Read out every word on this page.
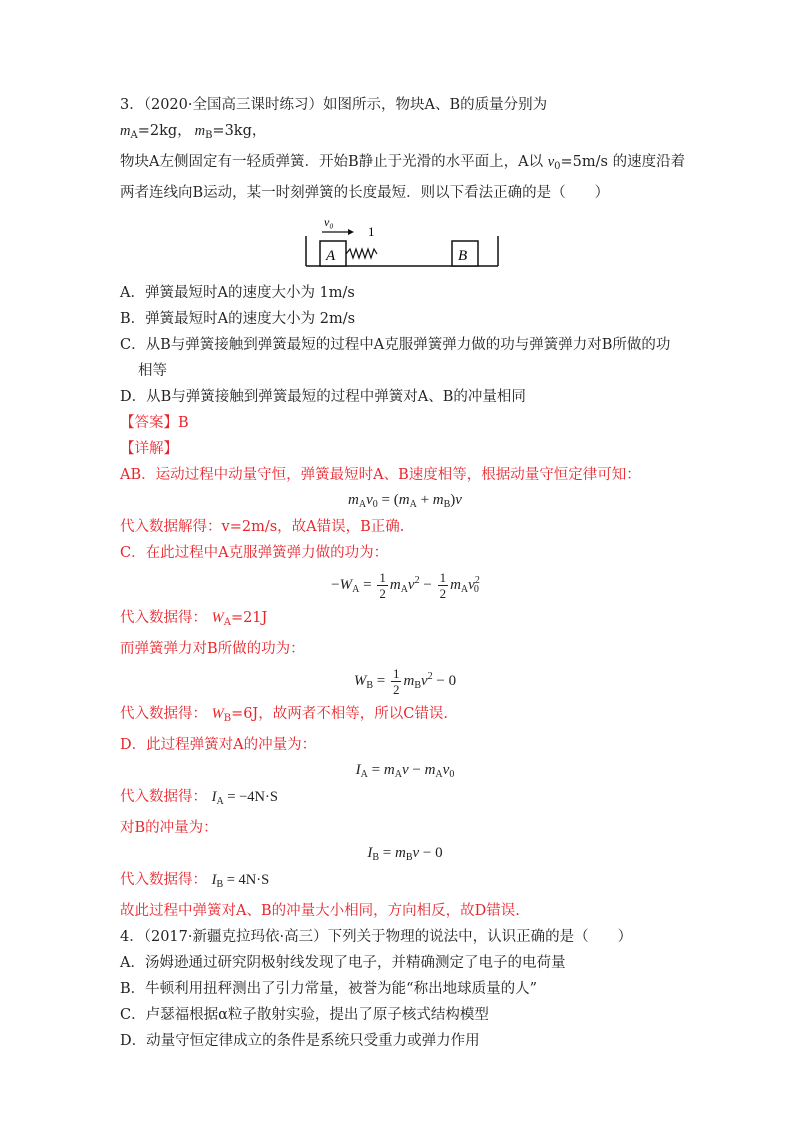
3．（2020·全国高三课时练习）如图所示，物块A、B的质量分别为$m_A=2kg$，  $m_B=3kg$，

物块A左侧固定有一轻质弹簧．开始B静止于光滑的水平面上，A以 $v_0=5m/s$ 的速度沿着

两者连线向B运动，某一时刻弹簧的长度最短．则以下看法正确的是（　　）

A	B
v₀
1

A．弹簧最短时A的速度大小为 1m/s

B．弹簧最短时A的速度大小为 2m/s

C．从B与弹簧接触到弹簧最短的过程中A克服弹簧弹力做的功与弹簧弹力对B所做的功

相等

D．从B与弹簧接触到弹簧最短的过程中弹簧对A、B的冲量相同

【答案】B

【详解】

AB．运动过程中动量守恒，弹簧最短时A、B速度相等，根据动量守恒定律可知：

$m_Av_0 = (m_A + m_B)v$

代入数据解得：v=2m/s，故A错误，B正确.

C．在此过程中A克服弹簧弹力做的功为：

$-W_A = \frac{1}{2} m_Av^2 - \frac{1}{2} m_Av^2_0$

代入数据得： $W_A=21J$

而弹簧弹力对B所做的功为：

$W_B = \frac{1}{2} m_Bv^2 - 0$

代入数据得： $W_B=6J$，故两者不相等，所以C错误.

D．此过程弹簧对A的冲量为：

$I_A = m_Av - m_Av_0$

代入数据得： $I_A = -4N\cdot S$

对B的冲量为：

$I_B = m_Bv - 0$

代入数据得： $I_B = 4N\cdot S$

故此过程中弹簧对A、B的冲量大小相同，方向相反，故D错误.

4．（2017·新疆克拉玛依·高三）下列关于物理的说法中，认识正确的是（　　）

A．汤姆逊通过研究阴极射线发现了电子，并精确测定了电子的电荷量

B．牛顿利用扭秤测出了引力常量，被誉为能“称出地球质量的人”

C．卢瑟福根据α粒子散射实验，提出了原子核式结构模型

D．动量守恒定律成立的条件是系统只受重力或弹力作用
